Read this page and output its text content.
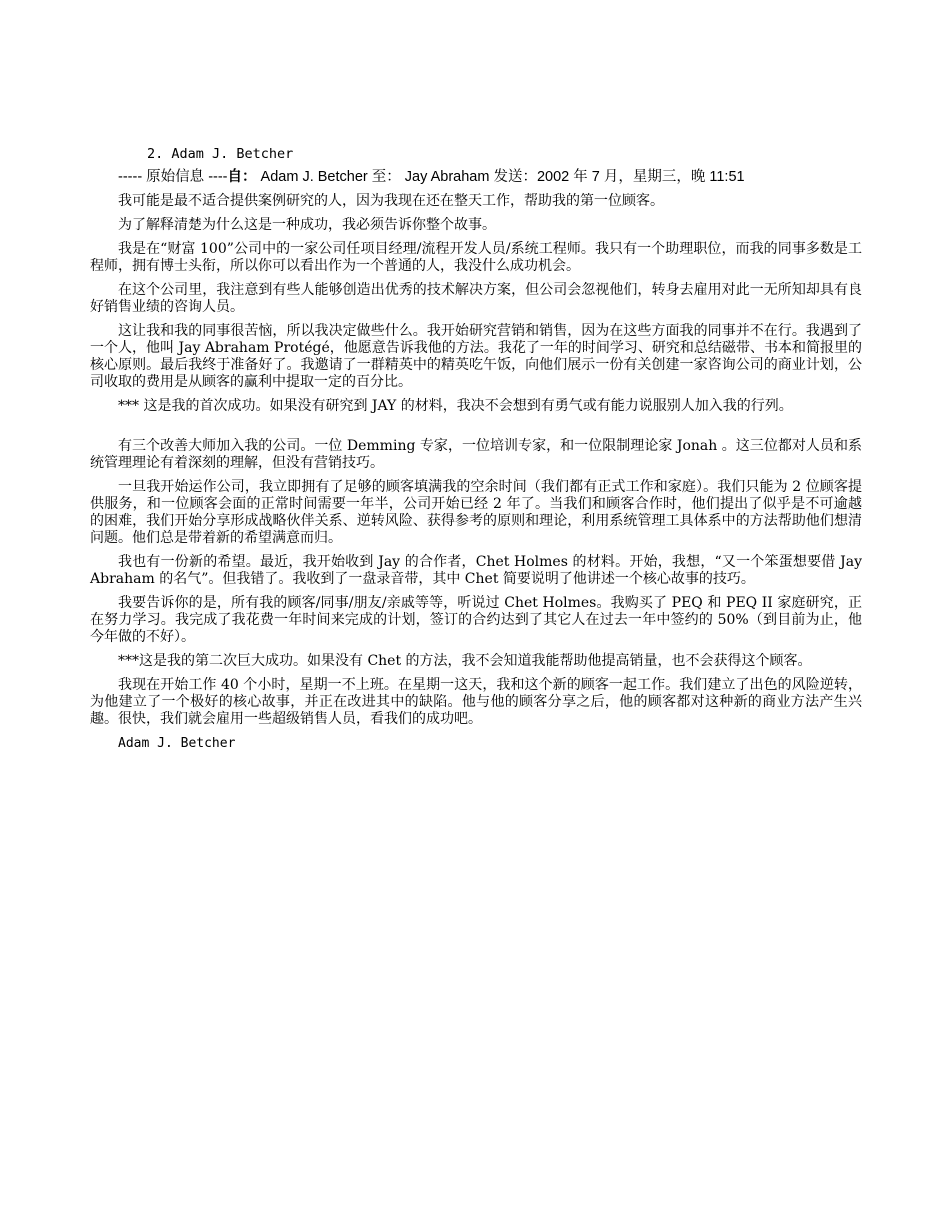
2. Adam J. Betcher
----- 原始信息 ----自： Adam J. Betcher 至： Jay Abraham 发送：2002 年 7 月，星期三，晚 11:51

我可能是最不适合提供案例研究的人，因为我现在还在整天工作，帮助我的第一位顾客。

为了解释清楚为什么这是一种成功，我必须告诉你整个故事。

我是在“财富 100”公司中的一家公司任项目经理/流程开发人员/系统工程师。我只有一个助理职位，而我的同事多数是工程师，拥有博士头衔，所以你可以看出作为一个普通的人，我没什么成功机会。

在这个公司里，我注意到有些人能够创造出优秀的技术解决方案，但公司会忽视他们，转身去雇用对此一无所知却具有良好销售业绩的咨询人员。

这让我和我的同事很苦恼，所以我决定做些什么。我开始研究营销和销售，因为在这些方面我的同事并不在行。我遇到了一个人，他叫 Jay Abraham Protégé，他愿意告诉我他的方法。我花了一年的时间学习、研究和总结磁带、书本和简报里的核心原则。最后我终于准备好了。我邀请了一群精英中的精英吃午饭，向他们展示一份有关创建一家咨询公司的商业计划，公司收取的费用是从顾客的赢利中提取一定的百分比。

*** 这是我的首次成功。如果没有研究到 JAY 的材料，我决不会想到有勇气或有能力说服别人加入我的行列。

有三个改善大师加入我的公司。一位 Demming 专家，一位培训专家，和一位限制理论家 Jonah 。这三位都对人员和系统管理理论有着深刻的理解，但没有营销技巧。

一旦我开始运作公司，我立即拥有了足够的顾客填满我的空余时间（我们都有正式工作和家庭）。我们只能为 2 位顾客提供服务，和一位顾客会面的正常时间需要一年半，公司开始已经 2 年了。当我们和顾客合作时，他们提出了似乎是不可逾越的困难，我们开始分享形成战略伙伴关系、逆转风险、获得参考的原则和理论，利用系统管理工具体系中的方法帮助他们想清问题。他们总是带着新的希望满意而归。

我也有一份新的希望。最近，我开始收到 Jay 的合作者，Chet Holmes 的材料。开始，我想，“又一个笨蛋想要借 Jay Abraham 的名气”。但我错了。我收到了一盘录音带，其中 Chet 简要说明了他讲述一个核心故事的技巧。

我要告诉你的是，所有我的顾客/同事/朋友/亲戚等等，听说过 Chet Holmes。我购买了 PEQ 和 PEQ II 家庭研究，正在努力学习。我完成了我花费一年时间来完成的计划，签订的合约达到了其它人在过去一年中签约的 50%（到目前为止，他今年做的不好）。

***这是我的第二次巨大成功。如果没有 Chet 的方法，我不会知道我能帮助他提高销量，也不会获得这个顾客。

我现在开始工作 40 个小时，星期一不上班。在星期一这天，我和这个新的顾客一起工作。我们建立了出色的风险逆转，为他建立了一个极好的核心故事，并正在改进其中的缺陷。他与他的顾客分享之后，他的顾客都对这种新的商业方法产生兴趣。很快，我们就会雇用一些超级销售人员，看我们的成功吧。

Adam J. Betcher
